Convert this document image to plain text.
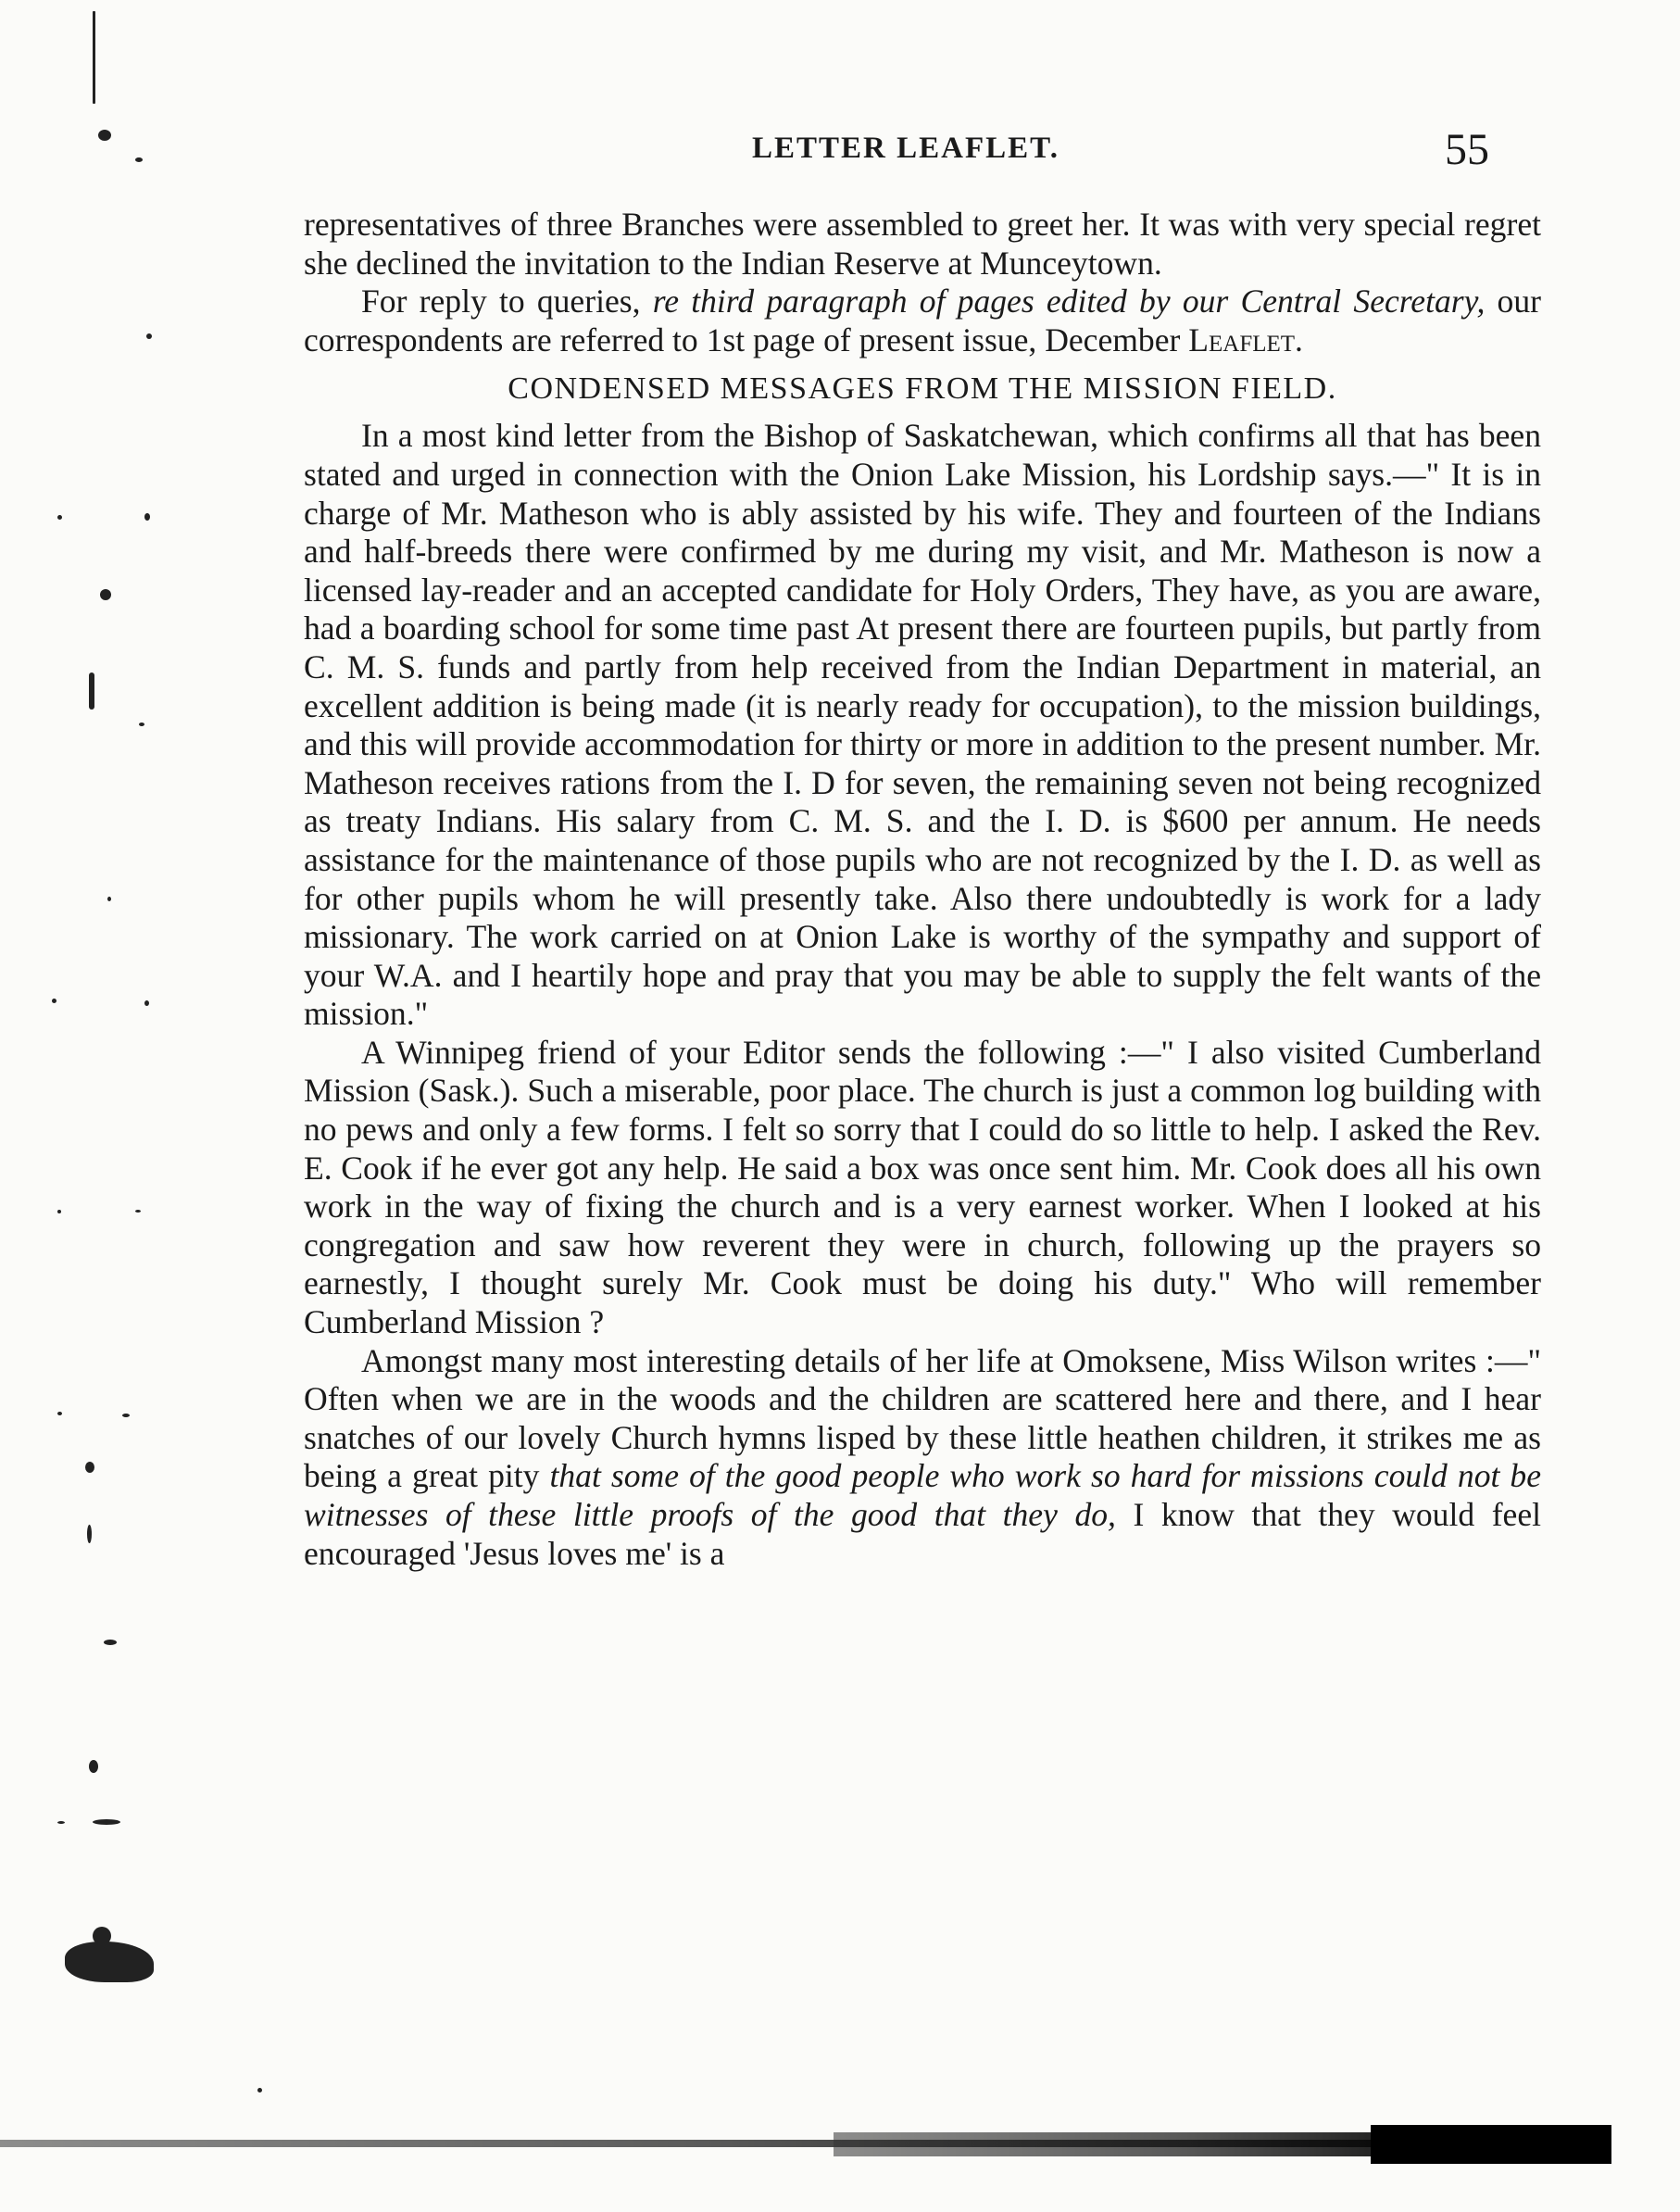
LETTER LEAFLET.	55

representatives of three Branches were assembled to greet her. It was with very special regret she declined the invitation to the Indian Reserve at Munceytown.

For reply to queries, re third paragraph of pages edited by our Central Secretary, our correspondents are referred to 1st page of present issue, December Leaflet.

CONDENSED MESSAGES FROM THE MISSION FIELD.

In a most kind letter from the Bishop of Saskatchewan, which confirms all that has been stated and urged in connection with the Onion Lake Mission, his Lordship says.—" It is in charge of Mr. Matheson who is ably assisted by his wife. They and fourteen of the Indians and half-breeds there were confirmed by me during my visit, and Mr. Matheson is now a licensed lay-reader and an accepted candidate for Holy Orders, They have, as you are aware, had a boarding school for some time past At present there are fourteen pupils, but partly from C. M. S. funds and partly from help received from the Indian Department in material, an excellent addition is being made (it is nearly ready for occupation), to the mission buildings, and this will provide accommodation for thirty or more in addition to the present number. Mr. Matheson receives rations from the I. D for seven, the remaining seven not being recognized as treaty Indians. His salary from C. M. S. and the I. D. is $600 per annum. He needs assistance for the maintenance of those pupils who are not recognized by the I. D. as well as for other pupils whom he will presently take. Also there undoubtedly is work for a lady missionary. The work carried on at Onion Lake is worthy of the sympathy and support of your W.A. and I heartily hope and pray that you may be able to supply the felt wants of the mission."

A Winnipeg friend of your Editor sends the following :—" I also visited Cumberland Mission (Sask.). Such a miserable, poor place. The church is just a common log building with no pews and only a few forms. I felt so sorry that I could do so little to help. I asked the Rev. E. Cook if he ever got any help. He said a box was once sent him. Mr. Cook does all his own work in the way of fixing the church and is a very earnest worker. When I looked at his congregation and saw how reverent they were in church, following up the prayers so earnestly, I thought surely Mr. Cook must be doing his duty." Who will remember Cumberland Mission ?

Amongst many most interesting details of her life at Omoksene, Miss Wilson writes :—" Often when we are in the woods and the children are scattered here and there, and I hear snatches of our lovely Church hymns lisped by these little heathen children, it strikes me as being a great pity that some of the good people who work so hard for missions could not be witnesses of these little proofs of the good that they do, I know that they would feel encouraged 'Jesus loves me' is a
